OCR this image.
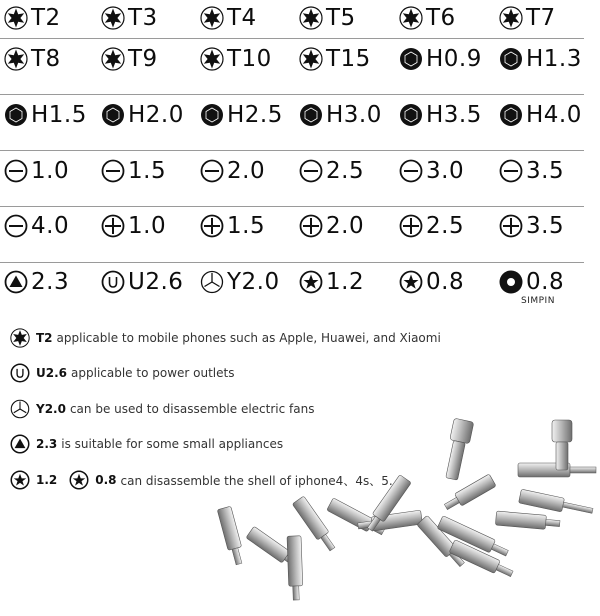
T2	T3	T4	T5	T6	T7
T8	T9	T10 T15 H0.9 H1.3
H1.5 H2.0 H2.5 H3.0 H3.5 H4.0
1.0	1.5	2.0	2.5	3.0	3.5
4.0	1.0	1.5	2.0	2.5	3.5
2.3	U2.6 Y2.0 1.2	0.8	0.8
SIMPIN
T2 applicable to mobile phones such as Apple, Huawei, and Xiaomi
U2.6 applicable to power outlets
Y2.0 can be used to disassemble electric fans
2.3 is suitable for some small appliances
1.2	0.8 can disassemble the shell of iphone4、4s、5.
